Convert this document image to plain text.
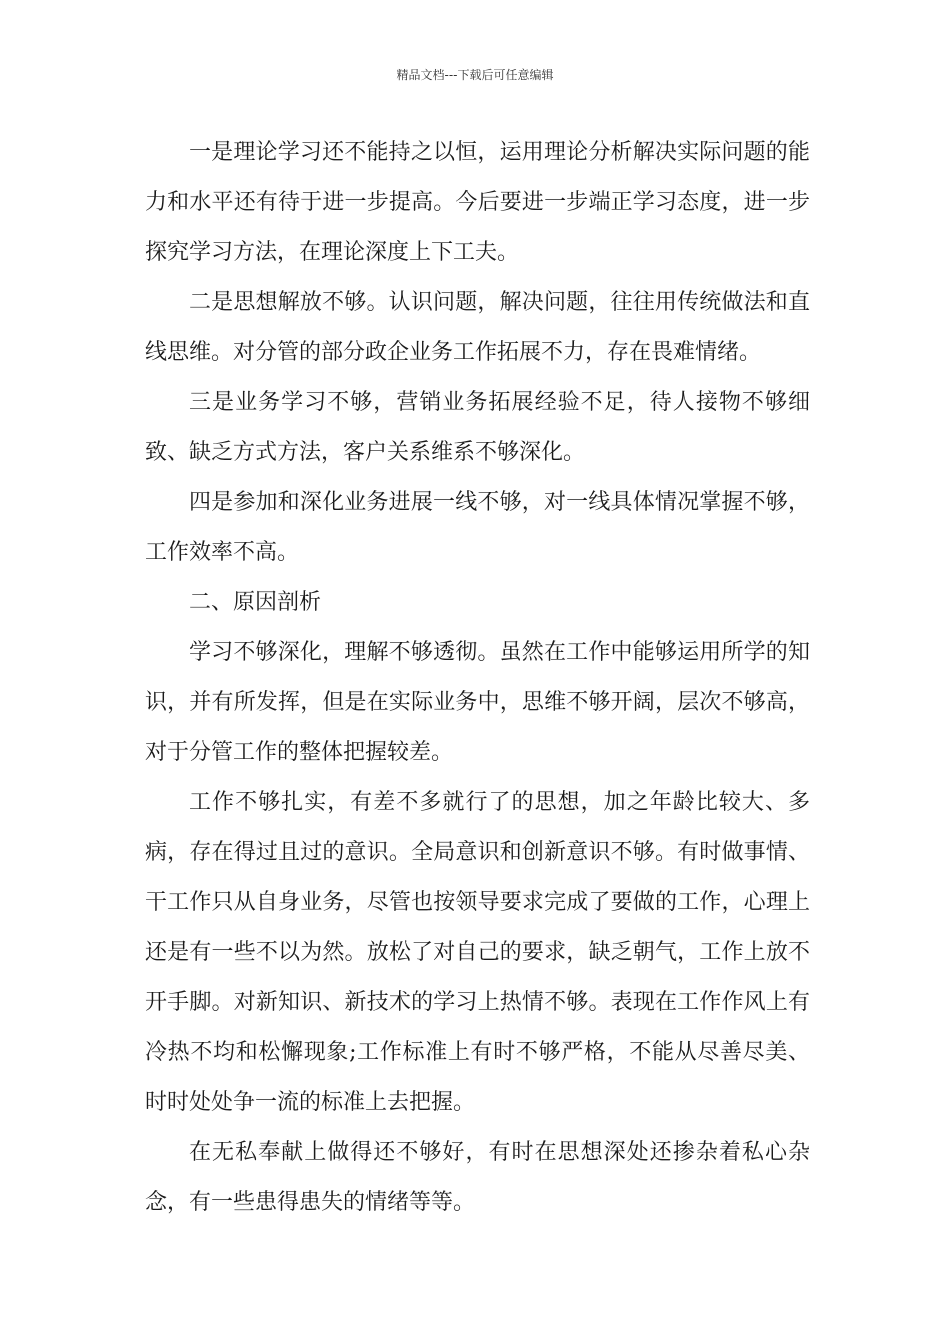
精品文档---下载后可任意编辑

一是理论学习还不能持之以恒，运用理论分析解决实际问题的能力和水平还有待于进一步提高。今后要进一步端正学习态度，进一步探究学习方法，在理论深度上下工夫。

二是思想解放不够。认识问题，解决问题，往往用传统做法和直线思维。对分管的部分政企业务工作拓展不力，存在畏难情绪。

三是业务学习不够，营销业务拓展经验不足，待人接物不够细致、缺乏方式方法，客户关系维系不够深化。

四是参加和深化业务进展一线不够，对一线具体情况掌握不够，工作效率不高。

二、原因剖析

学习不够深化，理解不够透彻。虽然在工作中能够运用所学的知识，并有所发挥，但是在实际业务中，思维不够开阔，层次不够高，对于分管工作的整体把握较差。

工作不够扎实，有差不多就行了的思想，加之年龄比较大、多病，存在得过且过的意识。全局意识和创新意识不够。有时做事情、干工作只从自身业务，尽管也按领导要求完成了要做的工作，心理上还是有一些不以为然。放松了对自己的要求，缺乏朝气，工作上放不开手脚。对新知识、新技术的学习上热情不够。表现在工作作风上有冷热不均和松懈现象;工作标准上有时不够严格，不能从尽善尽美、时时处处争一流的标准上去把握。

在无私奉献上做得还不够好，有时在思想深处还掺杂着私心杂念，有一些患得患失的情绪等等。
